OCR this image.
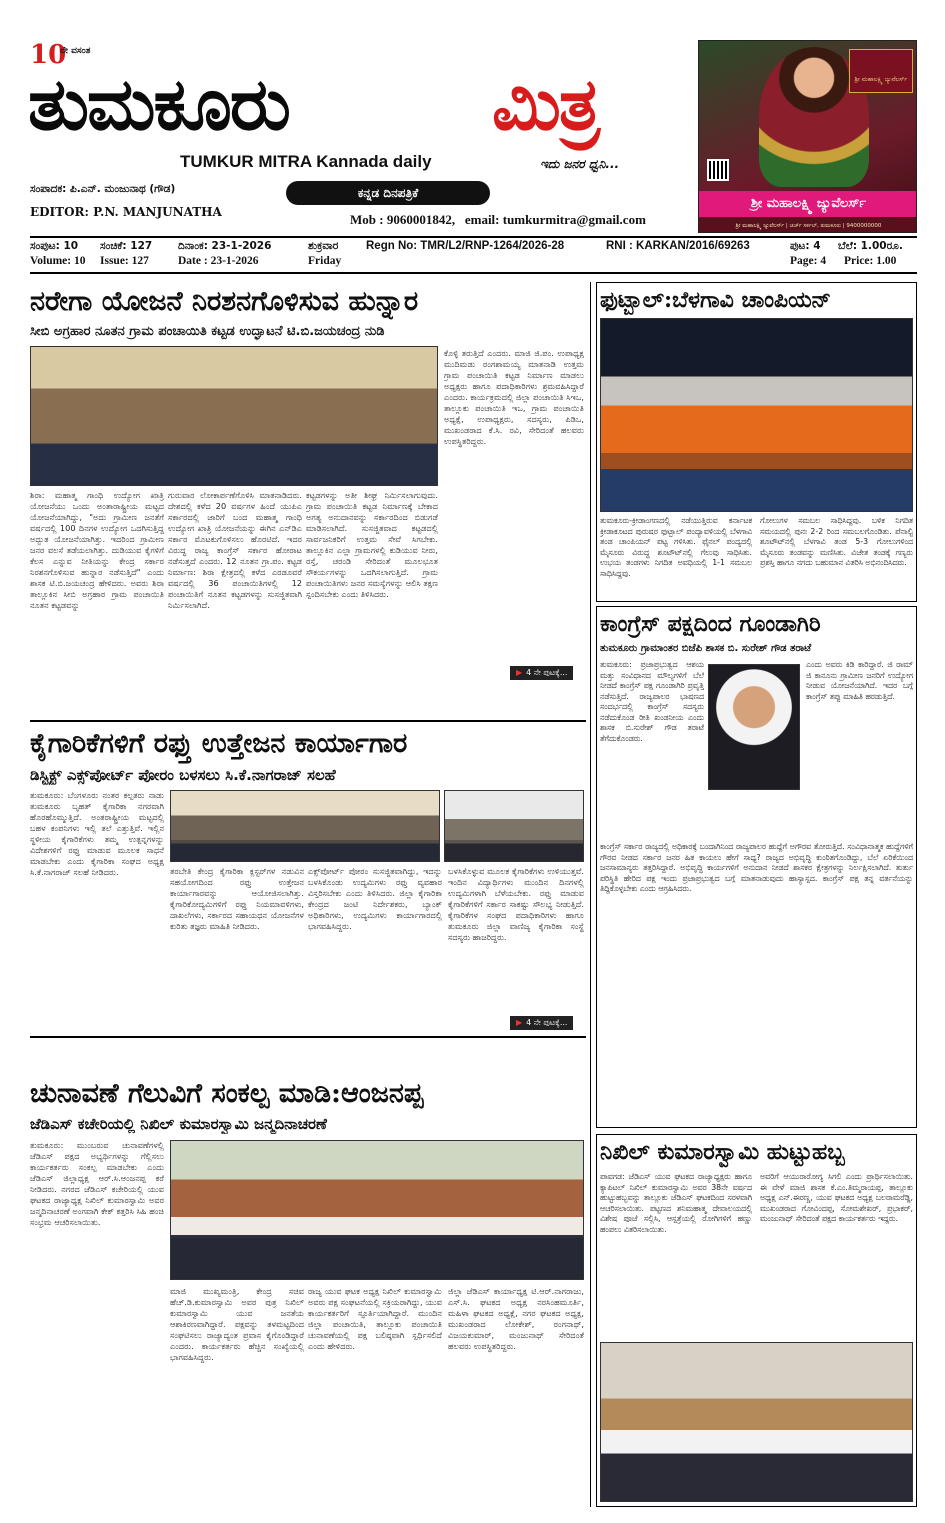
10
ನೇ ವಸಂತ
ತುಮಕೂರು	ಮಿತ್ರ
TUMKUR MITRA Kannada daily	ಇದು ಜನರ ಧ್ವನಿ...
ಸಂಪಾದಕ: ಪಿ.ಎನ್. ಮಂಜುನಾಥ (ಗೌಡ)	ಕನ್ನಡ ದಿನಪತ್ರಿಕೆ
EDITOR: P.N. MANJUNATHA	Mob : 9060001842, email: tumkurmitra@gmail.com
ಶ್ರೀ ಮಹಾಲಕ್ಷ್ಮಿ ಜ್ಯುವೆಲರ್ಸ್
ಶ್ರೀ ಮಹಾಲಕ್ಷ್ಮಿ ಜ್ಯುವೆಲರ್ಸ್
ಶ್ರೀ ಮಹಾಲಕ್ಷ್ಮಿ ಜ್ಯುವೆಲರ್ಸ್ | ಚರ್ಚ್ ಸರ್ಕಲ್, ತುಮಕೂರು | 9400000000
ಸಂಪುಟ: 10 ಸಂಚಿಕೆ: 127 ದಿನಾಂಕ: 23-1-2026	ಶುಕ್ರವಾರ
Volume: 10 Issue: 127	Date : 23-1-2026	Friday
Regn No: TMR/L2/RNP-1264/2026-28	RNI : KARKAN/2016/69263	ಪುಟ: 4 ಬೆಲೆ: 1.00ರೂ.
Page: 4 Price: 1.00
ನರೇಗಾ ಯೋಜನೆ ನಿರಶನಗೊಳಿಸುವ ಹುನ್ನಾರ
ಸೀಬಿ ಅಗ್ರಹಾರ ನೂತನ ಗ್ರಾಮ ಪಂಚಾಯಿತಿ ಕಟ್ಟಡ ಉದ್ಘಾಟನೆ ಟಿ.ಬಿ.ಜಯಚಂದ್ರ ನುಡಿ
ಶಿರಾ: ಮಹಾತ್ಮ ಗಾಂಧಿ ಉದ್ಯೋಗ ಖಾತ್ರಿ ಯೋಜನೆಯು ಒಂದು ಅಂತಾರಾಷ್ಟ್ರೀಯ ಮಟ್ಟದ ಯೋಜನೆಯಾಗಿದ್ದು, "ಅದು ಗ್ರಾಮೀಣ ಜನತೆಗೆ ವರ್ಷದಲ್ಲಿ 100 ದಿನಗಳ ಉದ್ಯೋಗ ಒದಗಿಸುತ್ತಿದ್ದ ಅದ್ಭುತ ಯೋಜನೆಯಾಗಿತ್ತು. ಇದರಿಂದ ಗ್ರಾಮೀಣ ಜನರ ವಲಸೆ ತಡೆಯಲಾಗಿತ್ತು. ದುಡಿಯುವ ಕೈಗಳಿಗೆ ಕೆಲಸ ಎನ್ನುವ ನೀತಿಯನ್ನು ಕೇಂದ್ರ ಸರ್ಕಾರ ನಿರಶನಗೊಳಿಸುವ ಹುನ್ನಾರ ನಡೆಸುತ್ತಿದೆ" ಎಂದು ಶಾಸಕ ಟಿ.ಬಿ.ಜಯಚಂದ್ರ ಹೇಳಿದರು. ಅವರು ಶಿರಾ ತಾಲ್ಲೂಕಿನ ಸೀಬಿ ಅಗ್ರಹಾರ ಗ್ರಾಮ ಪಂಚಾಯಿತಿ ನೂತನ ಕಟ್ಟಡವನ್ನು
ಗುರುವಾರ ಲೋಕಾರ್ಪಣೆಗೊಳಿಸಿ ಮಾತನಾಡಿದರು. ದೇಶದಲ್ಲಿ ಕಳೆದ 20 ವರ್ಷಗಳ ಹಿಂದೆ ಯುಪಿಎ ಸರ್ಕಾರದಲ್ಲಿ ಜಾರಿಗೆ ಬಂದ ಮಹಾತ್ಮ ಗಾಂಧಿ ಉದ್ಯೋಗ ಖಾತ್ರಿ ಯೋಜನೆಯನ್ನು ಈಗಿನ ಎನ್‌ಡಿಎ ಸರ್ಕಾರ ಮೊಟಕುಗೊಳಿಸಲು ಹೊರಟಿದೆ. ಇದರ ವಿರುದ್ಧ ರಾಜ್ಯ ಕಾಂಗ್ರೆಸ್ ಸರ್ಕಾರ ಹೋರಾಟ ನಡೆಸುತ್ತದೆ ಎಂದರು. 12 ನೂತನ ಗ್ರಾ.ಪಂ. ಕಟ್ಟಡ ನಿರ್ಮಾಣ: ಶಿರಾ ಕ್ಷೇತ್ರದಲ್ಲಿ ಕಳೆದ ಎರಡೂವರೆ ವರ್ಷದಲ್ಲಿ 36 ಪಂಚಾಯಿತಿಗಳಲ್ಲಿ 12 ಪಂಚಾಯಿತಿಗೆ ನೂತನ ಕಟ್ಟಡಗಳನ್ನು ಸುಸಜ್ಜಿತವಾಗಿ ನಿರ್ಮಿಸಲಾಗಿದೆ.
ಕಟ್ಟಡಗಳನ್ನು ಅತೀ ಶೀಘ್ರ ನಿರ್ಮಿಸಲಾಗುವುದು. ಗ್ರಾಮ ಪಂಚಾಯಿತಿ ಕಟ್ಟಡ ನಿರ್ಮಾಣಕ್ಕೆ ಬೇಕಾದ ಅಗತ್ಯ ಅನುದಾನವನ್ನು ಸರ್ಕಾರದಿಂದ ಬಿಡುಗಡೆ ಮಾಡಿಸಲಾಗಿದೆ. ಸುಸಜ್ಜಿತವಾದ ಕಟ್ಟಡದಲ್ಲಿ ಸಾರ್ವಜನಿಕರಿಗೆ ಉತ್ತಮ ಸೇವೆ ಸಿಗಬೇಕು. ತಾಲ್ಲೂಕಿನ ಎಲ್ಲಾ ಗ್ರಾಮಗಳಲ್ಲಿ ಕುಡಿಯುವ ನೀರು, ರಸ್ತೆ, ಚರಂಡಿ ಸೇರಿದಂತೆ ಮೂಲಭೂತ ಸೌಕರ್ಯಗಳನ್ನು ಒದಗಿಸಲಾಗುತ್ತಿದೆ. ಗ್ರಾಮ ಪಂಚಾಯಿತಿಗಳು ಜನರ ಸಮಸ್ಯೆಗಳನ್ನು ಆಲಿಸಿ ತಕ್ಷಣ ಸ್ಪಂದಿಸಬೇಕು ಎಂದು ತಿಳಿಸಿದರು.
ಕೊಳ್ಳಿ ತರುತ್ತಿದೆ ಎಂದರು. ಮಾಜಿ ಜಿ.ಪಂ. ಉಪಾಧ್ಯಕ್ಷ ಮುದಿಮಡು ರಂಗಶಾಮಯ್ಯ ಮಾತನಾಡಿ ಉತ್ತಮ ಗ್ರಾಮ ಪಂಚಾಯಿತಿ ಕಟ್ಟಡ ನಿರ್ಮಾಣ ಮಾಡಲು ಅಧ್ಯಕ್ಷರು ಹಾಗೂ ಪದಾಧಿಕಾರಿಗಳು ಶ್ರಮವಹಿಸಿದ್ದಾರೆ ಎಂದರು. ಕಾರ್ಯಕ್ರಮದಲ್ಲಿ ಜಿಲ್ಲಾ ಪಂಚಾಯಿತಿ ಸಿಇಒ, ತಾಲ್ಲೂಕು ಪಂಚಾಯಿತಿ ಇಒ, ಗ್ರಾಮ ಪಂಚಾಯಿತಿ ಅಧ್ಯಕ್ಷೆ, ಉಪಾಧ್ಯಕ್ಷರು, ಸದಸ್ಯರು, ಪಿಡಿಒ, ಮುಖಂಡರಾದ ಕೆ.ಸಿ. ರವಿ, ಸೇರಿದಂತೆ ಹಲವರು ಉಪಸ್ಥಿತರಿದ್ದರು.
▶ 4 ನೇ ಪುಟಕ್ಕೆ...
ಕೈಗಾರಿಕೆಗಳಿಗೆ ರಫ್ತು ಉತ್ತೇಜನ ಕಾರ್ಯಾಗಾರ
ಡಿಸ್ಟ್ರಿಕ್ಟ್ ಎಕ್ಸ್‌ಪೋರ್ಟ್ ಪೋರಂ ಬಳಸಲು ಸಿ.ಕೆ.ನಾಗರಾಜ್ ಸಲಹೆ
ತುಮಕೂರು: ಬೆಂಗಳೂರು ನಂತರ ಕಲ್ಪತರು ನಾಡು ತುಮಕೂರು ಬೃಹತ್ ಕೈಗಾರಿಕಾ ನಗರವಾಗಿ ಹೊರಹೊಮ್ಮುತ್ತಿದೆ. ಅಂತರಾಷ್ಟ್ರೀಯ ಮಟ್ಟದಲ್ಲಿ ಬಹಳ ಕಂಪನಿಗಳು ಇಲ್ಲಿ ತಲೆ ಎತ್ತುತ್ತಿವೆ. ಇಲ್ಲಿನ ಸ್ಥಳೀಯ ಕೈಗಾರಿಕೆಗಳು ತಮ್ಮ ಉತ್ಪನ್ನಗಳನ್ನು ವಿದೇಶಗಳಿಗೆ ರಫ್ತು ಮಾಡುವ ಮೂಲಕ ಸಾಧನೆ ಮಾಡಬೇಕು ಎಂದು ಕೈಗಾರಿಕಾ ಸಂಘದ ಅಧ್ಯಕ್ಷ ಸಿ.ಕೆ.ನಾಗರಾಜ್ ಸಲಹೆ ನೀಡಿದರು.	ತರಬೇತಿ ಕೇಂದ್ರ ಕೈಗಾರಿಕಾ ಕ್ಲಸ್ಟರ್‌ಗಳ ನಡುವಿನ ಸಹಯೋಗದಿಂದ ರಫ್ತು ಉತ್ತೇಜನ ಕಾರ್ಯಾಗಾರವನ್ನು ಆಯೋಜಿಸಲಾಗಿತ್ತು. ಕೈಗಾರಿಕೋದ್ಯಮಿಗಳಿಗೆ ರಫ್ತು ನಿಯಮಾವಳಿಗಳು, ದಾಖಲೆಗಳು, ಸರ್ಕಾರದ ಸಹಾಯಧನ ಯೋಜನೆಗಳ ಕುರಿತು ತಜ್ಞರು ಮಾಹಿತಿ ನೀಡಿದರು.
ಎಕ್ಸ್‌ಪೋರ್ಟ್ ಪೋರಂ ಸುಸಜ್ಜಿತವಾಗಿದ್ದು, ಇದನ್ನು ಬಳಸಿಕೊಂಡು ಉದ್ಯಮಿಗಳು ರಫ್ತು ವ್ಯವಹಾರ ವಿಸ್ತರಿಸಬೇಕು ಎಂದು ತಿಳಿಸಿದರು. ಜಿಲ್ಲಾ ಕೈಗಾರಿಕಾ ಕೇಂದ್ರದ ಜಂಟಿ ನಿರ್ದೇಶಕರು, ಬ್ಯಾಂಕ್ ಅಧಿಕಾರಿಗಳು, ಉದ್ಯಮಿಗಳು ಕಾರ್ಯಾಗಾರದಲ್ಲಿ ಭಾಗವಹಿಸಿದ್ದರು.
ಬಳಸಿಕೊಳ್ಳುವ ಮೂಲಕ ಕೈಗಾರಿಕೆಗಳು ಉಳಿಯುತ್ತವೆ. ಇಂದಿನ ವಿದ್ಯಾರ್ಥಿಗಳು ಮುಂದಿನ ದಿನಗಳಲ್ಲಿ ಉದ್ಯಮಿಗಳಾಗಿ ಬೆಳೆಯಬೇಕು. ರಫ್ತು ಮಾಡುವ ಕೈಗಾರಿಕೆಗಳಿಗೆ ಸರ್ಕಾರ ಸಾಕಷ್ಟು ಸೌಲಭ್ಯ ನೀಡುತ್ತಿದೆ. ಕೈಗಾರಿಕೆಗಳ ಸಂಘದ ಪದಾಧಿಕಾರಿಗಳು ಹಾಗೂ ತುಮಕೂರು ಜಿಲ್ಲಾ ವಾಣಿಜ್ಯ ಕೈಗಾರಿಕಾ ಸಂಸ್ಥೆ ಸದಸ್ಯರು ಹಾಜರಿದ್ದರು.
▶ 4 ನೇ ಪುಟಕ್ಕೆ...
ಚುನಾವಣೆ ಗೆಲುವಿಗೆ ಸಂಕಲ್ಪ ಮಾಡಿ:ಆಂಜನಪ್ಪ
ಜೆಡಿಎಸ್ ಕಚೇರಿಯಲ್ಲಿ ನಿಖಿಲ್ ಕುಮಾರಸ್ವಾಮಿ ಜನ್ಮದಿನಾಚರಣೆ
ತುಮಕೂರು: ಮುಂಬರುವ ಚುನಾವಣೆಗಳಲ್ಲಿ ಜೆಡಿಎಸ್ ಪಕ್ಷದ ಅಭ್ಯರ್ಥಿಗಳನ್ನು ಗೆಲ್ಲಿಸಲು ಕಾರ್ಯಕರ್ತರು ಸಂಕಲ್ಪ ಮಾಡಬೇಕು ಎಂದು ಜೆಡಿಎಸ್ ಜಿಲ್ಲಾಧ್ಯಕ್ಷ ಆರ್.ಸಿ.ಆಂಜನಪ್ಪ ಕರೆ ನೀಡಿದರು. ನಗರದ ಜೆಡಿಎಸ್ ಕಚೇರಿಯಲ್ಲಿ ಯುವ ಘಟಕದ ರಾಜ್ಯಾಧ್ಯಕ್ಷ ನಿಖಿಲ್ ಕುಮಾರಸ್ವಾಮಿ ಅವರ ಜನ್ಮದಿನಾಚರಣೆ ಅಂಗವಾಗಿ ಕೇಕ್ ಕತ್ತರಿಸಿ ಸಿಹಿ ಹಂಚಿ ಸಂಭ್ರಮ ಆಚರಿಸಲಾಯಿತು.
ಮಾಜಿ ಮುಖ್ಯಮಂತ್ರಿ, ಕೇಂದ್ರ ಸಚಿವ ಹೆಚ್.ಡಿ.ಕುಮಾರಸ್ವಾಮಿ ಅವರ ಪುತ್ರ ನಿಖಿಲ್ ಕುಮಾರಸ್ವಾಮಿ ಯುವ ಜನತೆಯ ಆಶಾಕಿರಣವಾಗಿದ್ದಾರೆ. ಪಕ್ಷವನ್ನು ತಳಮಟ್ಟದಿಂದ ಸಂಘಟಿಸಲು ರಾಜ್ಯಾದ್ಯಂತ ಪ್ರವಾಸ ಕೈಗೊಂಡಿದ್ದಾರೆ ಎಂದರು. ಕಾರ್ಯಕರ್ತರು ಹೆಚ್ಚಿನ ಸಂಖ್ಯೆಯಲ್ಲಿ ಭಾಗವಹಿಸಿದ್ದರು.
ರಾಜ್ಯ ಯುವ ಘಟಕ ಅಧ್ಯಕ್ಷ ನಿಖಿಲ್ ಕುಮಾರಸ್ವಾಮಿ ಅವರು ಪಕ್ಷ ಸಂಘಟನೆಯಲ್ಲಿ ಸಕ್ರಿಯರಾಗಿದ್ದು, ಯುವ ಕಾರ್ಯಕರ್ತರಿಗೆ ಸ್ಫೂರ್ತಿಯಾಗಿದ್ದಾರೆ. ಮುಂದಿನ ಜಿಲ್ಲಾ ಪಂಚಾಯಿತಿ, ತಾಲ್ಲೂಕು ಪಂಚಾಯಿತಿ ಚುನಾವಣೆಯಲ್ಲಿ ಪಕ್ಷ ಬಲಿಷ್ಠವಾಗಿ ಸ್ಪರ್ಧಿಸಲಿದೆ ಎಂದು ಹೇಳಿದರು.
ಜಿಲ್ಲಾ ಜೆಡಿಎಸ್ ಕಾರ್ಯಾಧ್ಯಕ್ಷ ಟಿ.ಆರ್.ನಾಗರಾಜು, ಎಸ್.ಸಿ. ಘಟಕದ ಅಧ್ಯಕ್ಷ ನರಸಿಂಹಮೂರ್ತಿ, ಮಹಿಳಾ ಘಟಕದ ಅಧ್ಯಕ್ಷೆ, ನಗರ ಘಟಕದ ಅಧ್ಯಕ್ಷ, ಮುಖಂಡರಾದ ಲೋಕೇಶ್, ರಂಗನಾಥ್, ವಿಜಯಕುಮಾರ್, ಮಂಜುನಾಥ್ ಸೇರಿದಂತೆ ಹಲವರು ಉಪಸ್ಥಿತರಿದ್ದರು.
ಫುಟ್ಬಾಲ್:ಬೆಳಗಾವಿ ಚಾಂಪಿಯನ್
ತುಮಕೂರು-ಕ್ರೀಡಾಂಗಣದಲ್ಲಿ ನಡೆಯುತ್ತಿರುವ ಕರ್ನಾಟಕ ಕ್ರೀಡಾಕೂಟದ ಪುರುಷರ ಫುಟ್ಬಾಲ್ ಪಂದ್ಯಾವಳಿಯಲ್ಲಿ ಬೆಳಗಾವಿ ತಂಡ ಚಾಂಪಿಯನ್ ಪಟ್ಟ ಗಳಿಸಿತು. ಫೈನಲ್ ಪಂದ್ಯದಲ್ಲಿ ಮೈಸೂರು ವಿರುದ್ಧ ಶೂಟೌಟ್‌ನಲ್ಲಿ ಗೆಲುವು ಸಾಧಿಸಿತು. ಉಭಯ ತಂಡಗಳು ನಿಗದಿತ ಅವಧಿಯಲ್ಲಿ 1-1 ಸಮಬಲ ಸಾಧಿಸಿದ್ದವು.
ಗೋಲುಗಳ ಸಮಬಲ ಸಾಧಿಸಿದ್ದವು. ಬಳಿಕ ನಿಗದಿತ ಸಮಯದಲ್ಲಿ ಪುನಃ 2-2 ರಿಂದ ಸಮಬಲಗೊಂಡಿತು. ಪೆನಾಲ್ಟಿ ಶೂಟೌಟ್‌ನಲ್ಲಿ ಬೆಳಗಾವಿ ತಂಡ 5-3 ಗೋಲುಗಳಿಂದ ಮೈಸೂರು ತಂಡವನ್ನು ಮಣಿಸಿತು. ವಿಜೇತ ತಂಡಕ್ಕೆ ಗಣ್ಯರು ಪ್ರಶಸ್ತಿ ಹಾಗೂ ನಗದು ಬಹುಮಾನ ವಿತರಿಸಿ ಅಭಿನಂದಿಸಿದರು.
ಕಾಂಗ್ರೆಸ್ ಪಕ್ಷದಿಂದ ಗೂಂಡಾಗಿರಿ
ತುಮಕೂರು ಗ್ರಾಮಾಂತರ ಬಿಜೆಪಿ ಶಾಸಕ ಬಿ. ಸುರೇಶ್ ಗೌಡ ತರಾಟೆ
ತುಮಕೂರು: ಪ್ರಜಾಪ್ರಭುತ್ವದ ಆಶಯ ಮತ್ತು ಸಂವಿಧಾನದ ಮೌಲ್ಯಗಳಿಗೆ ಬೆಲೆ ನೀಡದೆ ಕಾಂಗ್ರೆಸ್ ಪಕ್ಷ ಗೂಂಡಾಗಿರಿ ಪ್ರವೃತ್ತಿ ನಡೆಸುತ್ತಿದೆ. ರಾಜ್ಯಪಾಲರ ಭಾಷಣದ ಸಂದರ್ಭದಲ್ಲಿ ಕಾಂಗ್ರೆಸ್ ಸದಸ್ಯರು ನಡೆದುಕೊಂಡ ರೀತಿ ಖಂಡನೀಯ ಎಂದು ಶಾಸಕ ಬಿ.ಸುರೇಶ್ ಗೌಡ ತರಾಟೆ ತೆಗೆದುಕೊಂಡರು.
ಎಂದು ಅವರು ಕಿಡಿ ಕಾರಿದ್ದಾರೆ. ಜಿ ರಾಮ್ ಜಿ ಕಾನೂನು ಗ್ರಾಮೀಣ ಜನರಿಗೆ ಉದ್ಯೋಗ ನೀಡುವ ಯೋಜನೆಯಾಗಿದೆ. ಇದರ ಬಗ್ಗೆ ಕಾಂಗ್ರೆಸ್ ತಪ್ಪು ಮಾಹಿತಿ ಹರಡುತ್ತಿದೆ.
ಕಾಂಗ್ರೆಸ್ ಸರ್ಕಾರ ರಾಜ್ಯದಲ್ಲಿ ಅಧಿಕಾರಕ್ಕೆ ಬಂದಾಗಿನಿಂದ ರಾಜ್ಯಪಾಲರ ಹುದ್ದೆಗೆ ಅಗೌರವ ತೋರುತ್ತಿದೆ. ಸಂವಿಧಾನಾತ್ಮಕ ಹುದ್ದೆಗಳಿಗೆ ಗೌರವ ನೀಡದ ಸರ್ಕಾರ ಜನರ ಹಿತ ಕಾಯಲು ಹೇಗೆ ಸಾಧ್ಯ? ರಾಜ್ಯದ ಅಭಿವೃದ್ಧಿ ಕುಂಠಿತಗೊಂಡಿದ್ದು, ಬೆಲೆ ಏರಿಕೆಯಿಂದ ಜನಸಾಮಾನ್ಯರು ತತ್ತರಿಸಿದ್ದಾರೆ. ಅಭಿವೃದ್ಧಿ ಕಾರ್ಯಗಳಿಗೆ ಅನುದಾನ ನೀಡದೆ ಶಾಸಕರ ಕ್ಷೇತ್ರಗಳನ್ನು ನಿರ್ಲಕ್ಷಿಸಲಾಗಿದೆ. ತುರ್ತು ಪರಿಸ್ಥಿತಿ ಹೇರಿದ ಪಕ್ಷ ಇಂದು ಪ್ರಜಾಪ್ರಭುತ್ವದ ಬಗ್ಗೆ ಮಾತನಾಡುವುದು ಹಾಸ್ಯಾಸ್ಪದ. ಕಾಂಗ್ರೆಸ್ ಪಕ್ಷ ತನ್ನ ವರ್ತನೆಯನ್ನು ತಿದ್ದಿಕೊಳ್ಳಬೇಕು ಎಂದು ಆಗ್ರಹಿಸಿದರು.
ನಿಖಿಲ್ ಕುಮಾರಸ್ವಾಮಿ ಹುಟ್ಟುಹಬ್ಬ
ಪಾವಗಡ: ಜೆಡಿಎಸ್ ಯುವ ಘಟಕದ ರಾಜ್ಯಾಧ್ಯಕ್ಷರು ಹಾಗೂ ಕ್ಯಾಪಿಟಲ್ ನಿಖಿಲ್ ಕುಮಾರಸ್ವಾಮಿ ಅವರ 38ನೇ ವರ್ಷದ ಹುಟ್ಟುಹಬ್ಬವನ್ನು ತಾಲ್ಲೂಕು ಜೆಡಿಎಸ್ ಘಟಕದಿಂದ ಸರಳವಾಗಿ ಆಚರಿಸಲಾಯಿತು. ಪಟ್ಟಣದ ಶನಿಮಹಾತ್ಮ ದೇವಾಲಯದಲ್ಲಿ ವಿಶೇಷ ಪೂಜೆ ಸಲ್ಲಿಸಿ, ಆಸ್ಪತ್ರೆಯಲ್ಲಿ ರೋಗಿಗಳಿಗೆ ಹಣ್ಣು ಹಂಪಲು ವಿತರಿಸಲಾಯಿತು.
ಅವರಿಗೆ ಆಯುರಾರೋಗ್ಯ ಸಿಗಲಿ ಎಂದು ಪ್ರಾರ್ಥಿಸಲಾಯಿತು. ಈ ವೇಳೆ ಮಾಜಿ ಶಾಸಕ ಕೆ.ಎಂ.ತಿಮ್ಮರಾಯಪ್ಪ, ತಾಲ್ಲೂಕು ಅಧ್ಯಕ್ಷ ಎನ್.ಈರಣ್ಣ, ಯುವ ಘಟಕದ ಅಧ್ಯಕ್ಷ ಬಲರಾಮರೆಡ್ಡಿ, ಮುಖಂಡರಾದ ಗೋವಿಂದಪ್ಪ, ಸೋಮಶೇಖರ್, ಪ್ರಭಾಕರ್, ಮಂಜುನಾಥ್ ಸೇರಿದಂತೆ ಪಕ್ಷದ ಕಾರ್ಯಕರ್ತರು ಇದ್ದರು.
